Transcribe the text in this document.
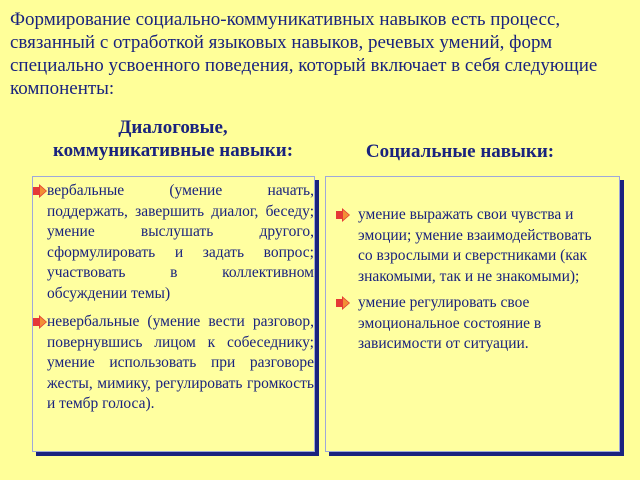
Формирование социально-коммуникативных навыков есть процесс, связанный с отработкой языковых навыков, речевых умений, форм специально усвоенного поведения, который включает в себя следующие компоненты:

Диалоговые,
коммуникативные навыки:	Социальные навыки:
вербальные (умение начать, поддержать, завершить диалог, беседу; умение выслушать другого, сформулировать и задать вопрос; участвовать в коллективном обсуждении темы)
невербальные (умение вести разговор, повернувшись лицом к собеседнику; умение использовать при разговоре жесты, мимику, регулировать громкость и тембр голоса).
умение выражать свои чувства и эмоции; умение взаимодействовать со взрослыми и сверстниками (как знакомыми, так и не знакомыми);
умение регулировать свое эмоциональное состояние в зависимости от ситуации.
